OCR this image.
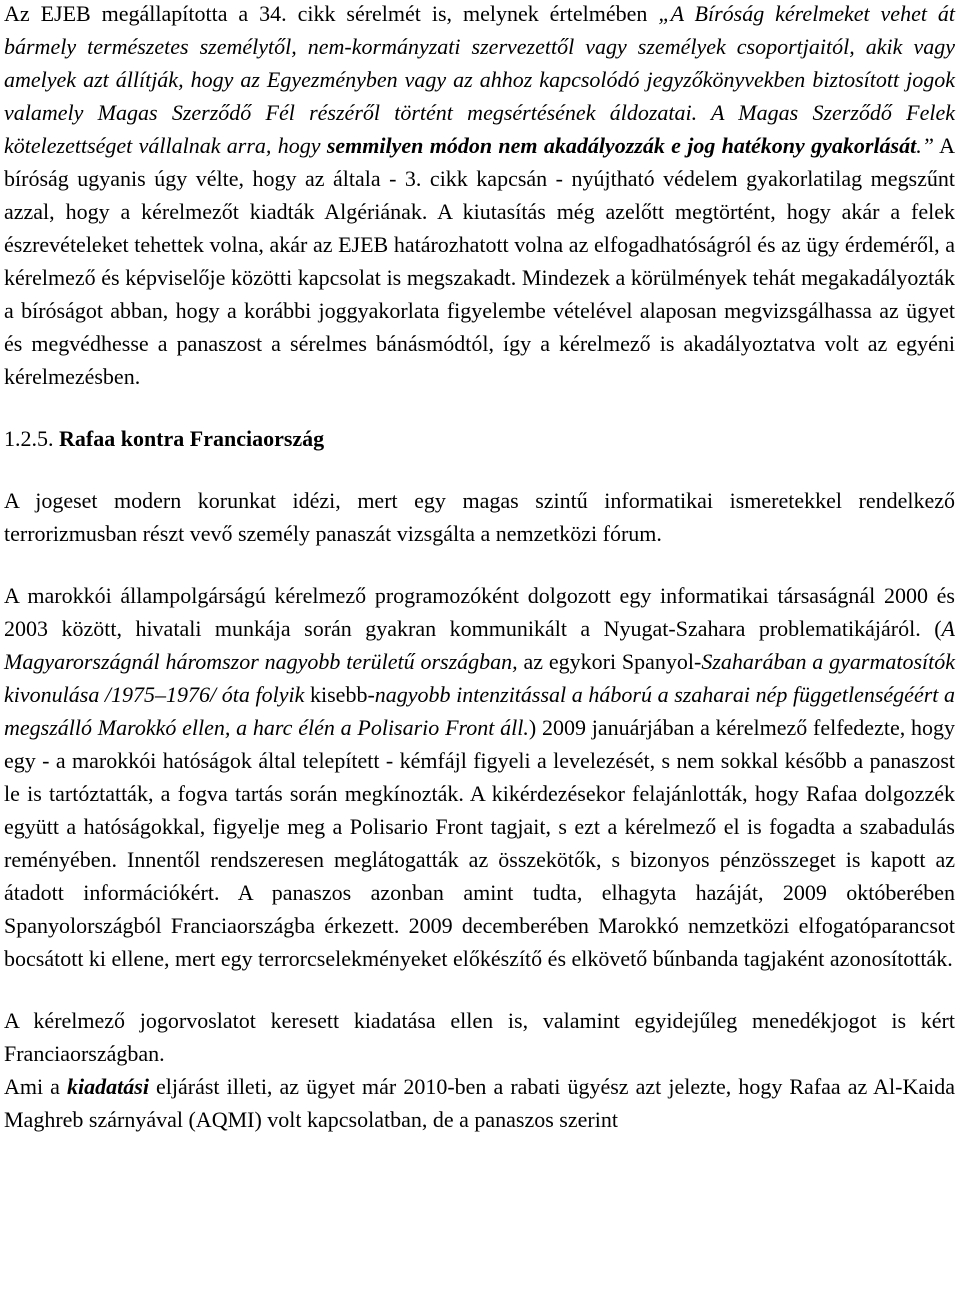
Az EJEB megállapította a 34. cikk sérelmét is, melynek értelmében „A Bíróság kérelmeket vehet át bármely természetes személytől, nem-kormányzati szervezettől vagy személyek csoportjaitól, akik vagy amelyek azt állítják, hogy az Egyezményben vagy az ahhoz kapcsolódó jegyzőkönyvekben biztosított jogok valamely Magas Szerződő Fél részéről történt megsértésének áldozatai. A Magas Szerződő Felek kötelezettséget vállalnak arra, hogy semmilyen módon nem akadályozzák e jog hatékony gyakorlását.” A bíróság ugyanis úgy vélte, hogy az általa - 3. cikk kapcsán - nyújtható védelem gyakorlatilag megszűnt azzal, hogy a kérelmezőt kiadták Algériának. A kiutasítás még azelőtt megtörtént, hogy akár a felek észrevételeket tehettek volna, akár az EJEB határozhatott volna az elfogadhatóságról és az ügy érdeméről, a kérelmező és képviselője közötti kapcsolat is megszakadt. Mindezek a körülmények tehát megakadályozták a bíróságot abban, hogy a korábbi joggyakorlata figyelembe vételével alaposan megvizsgálhassa az ügyet és megvédhesse a panaszost a sérelmes bánásmódtól, így a kérelmező is akadályoztatva volt az egyéni kérelmezésben.

1.2.5. Rafaa kontra Franciaország

A jogeset modern korunkat idézi, mert egy magas szintű informatikai ismeretekkel rendelkező terrorizmusban részt vevő személy panaszát vizsgálta a nemzetközi fórum.

A marokkói állampolgárságú kérelmező programozóként dolgozott egy informatikai társaságnál 2000 és 2003 között, hivatali munkája során gyakran kommunikált a Nyugat-Szahara problematikájáról. (A Magyarországnál háromszor nagyobb területű országban, az egykori Spanyol-Szaharában a gyarmatosítók kivonulása /1975–1976/ óta folyik kisebb-nagyobb intenzitással a háború a szaharai nép függetlenségéért a megszálló Marokkó ellen, a harc élén a Polisario Front áll.) 2009 januárjában a kérelmező felfedezte, hogy egy - a marokkói hatóságok által telepített - kémfájl figyeli a levelezését, s nem sokkal később a panaszost le is tartóztatták, a fogva tartás során megkínozták. A kikérdezésekor felajánlották, hogy Rafaa dolgozzék együtt a hatóságokkal, figyelje meg a Polisario Front tagjait, s ezt a kérelmező el is fogadta a szabadulás reményében. Innentől rendszeresen meglátogatták az összekötők, s bizonyos pénzösszeget is kapott az átadott információkért. A panaszos azonban amint tudta, elhagyta hazáját, 2009 októberében Spanyolországból Franciaországba érkezett. 2009 decemberében Marokkó nemzetközi elfogatóparancsot bocsátott ki ellene, mert egy terrorcselekményeket előkészítő és elkövető bűnbanda tagjaként azonosították.

A kérelmező jogorvoslatot keresett kiadatása ellen is, valamint egyidejűleg menedékjogot is kért Franciaországban.

Ami a kiadatási eljárást illeti, az ügyet már 2010-ben a rabati ügyész azt jelezte, hogy Rafaa az Al-Kaida Maghreb szárnyával (AQMI) volt kapcsolatban, de a panaszos szerint
